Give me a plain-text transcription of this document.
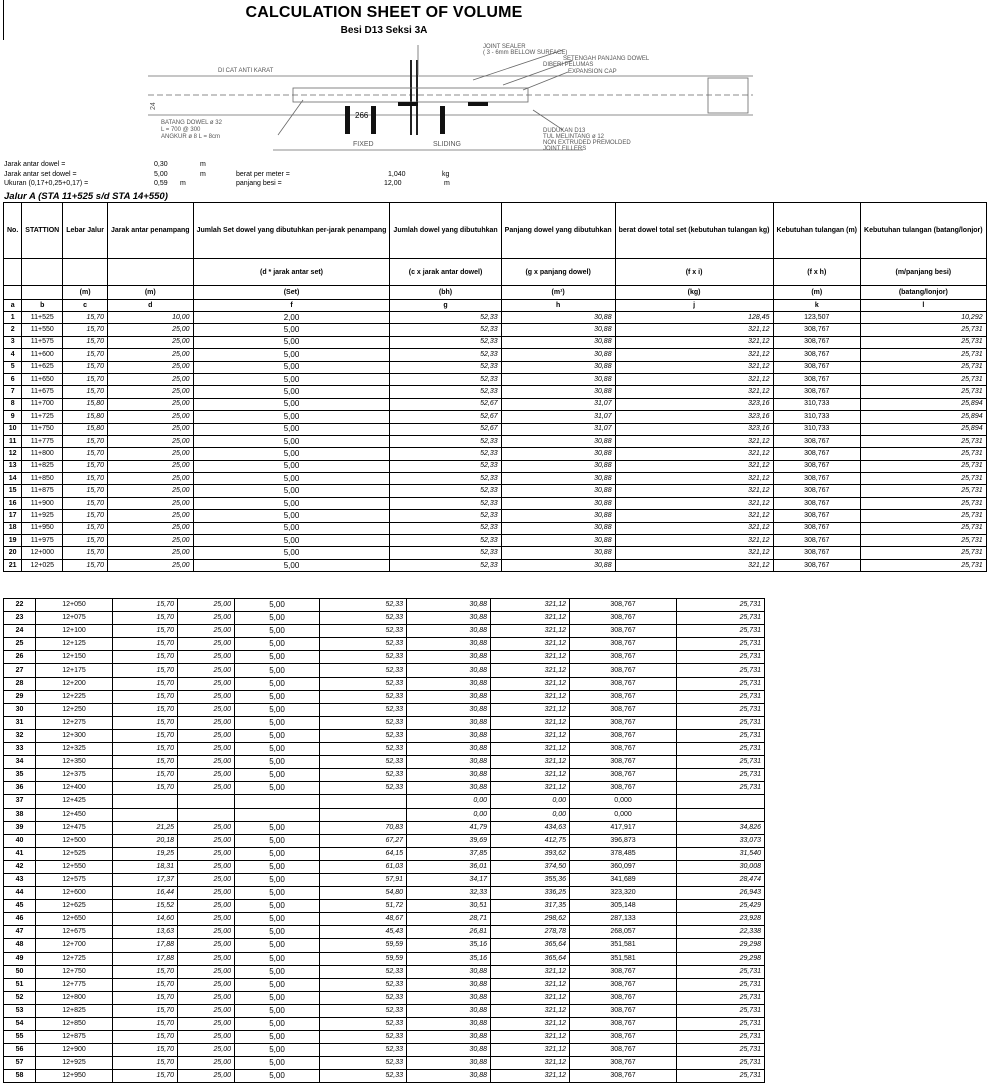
CALCULATION SHEET OF VOLUME
Besi D13 Seksi 3A
DI CAT ANTI KARAT
JOINT SEALER
( 3 - 6mm BELLOW SURFACE)
SETENGAH PANJANG DOWEL
DIBERI PELUMAS
EXPANSION CAP
266
BATANG DOWEL ø 32
L = 700 @ 300
ANGKUR ø 8 L = 8cm
DUDUKAN D13
TUL MELINTANG ø 12
NON EXTRUDED PREMOLDED
JOINT FILLERS
FIXED	SLIDING
24
Jarak antar dowel =	0,30	m
Jarak antar set dowel =	5,00	m	berat per meter =	1,040	kg
Ukuran (0,17+0,25+0,17) =	0,59 m	panjang besi =	12,00	m
Jalur A (STA 11+525 s/d STA 14+550)
No.	STATTION	Lebar Jalur	Jarak antar penampang	Jumlah Set dowel yang dibutuhkan per-jarak penampang	Jumlah dowel yang dibutuhkan	Panjang dowel yang dibutuhkan	berat dowel total set (kebutuhan tulangan kg)	Kebutuhan tulangan (m)	Kebutuhan tulangan (batang/lonjor)
				(d * jarak antar set)	(c x jarak antar dowel)	(g x panjang dowel)	(f x i)	(f x h)	(m/panjang besi)
		(m)	(m)	(Set)	(bh)	(m¹)	(kg)	(m)	(batang/lonjor)
a	b	c	d	f	g	h	j	k	l
1	11+525	15,70	10,00	2,00	52,33	30,88	128,45	123,507	10,292
2	11+550	15,70	25,00	5,00	52,33	30,88	321,12	308,767	25,731
3	11+575	15,70	25,00	5,00	52,33	30,88	321,12	308,767	25,731
4	11+600	15,70	25,00	5,00	52,33	30,88	321,12	308,767	25,731
5	11+625	15,70	25,00	5,00	52,33	30,88	321,12	308,767	25,731
6	11+650	15,70	25,00	5,00	52,33	30,88	321,12	308,767	25,731
7	11+675	15,70	25,00	5,00	52,33	30,88	321,12	308,767	25,731
8	11+700	15,80	25,00	5,00	52,67	31,07	323,16	310,733	25,894
9	11+725	15,80	25,00	5,00	52,67	31,07	323,16	310,733	25,894
10	11+750	15,80	25,00	5,00	52,67	31,07	323,16	310,733	25,894
11	11+775	15,70	25,00	5,00	52,33	30,88	321,12	308,767	25,731
12	11+800	15,70	25,00	5,00	52,33	30,88	321,12	308,767	25,731
13	11+825	15,70	25,00	5,00	52,33	30,88	321,12	308,767	25,731
14	11+850	15,70	25,00	5,00	52,33	30,88	321,12	308,767	25,731
15	11+875	15,70	25,00	5,00	52,33	30,88	321,12	308,767	25,731
16	11+900	15,70	25,00	5,00	52,33	30,88	321,12	308,767	25,731
17	11+925	15,70	25,00	5,00	52,33	30,88	321,12	308,767	25,731
18	11+950	15,70	25,00	5,00	52,33	30,88	321,12	308,767	25,731
19	11+975	15,70	25,00	5,00	52,33	30,88	321,12	308,767	25,731
20	12+000	15,70	25,00	5,00	52,33	30,88	321,12	308,767	25,731
21	12+025	15,70	25,00	5,00	52,33	30,88	321,12	308,767	25,731
22	12+050	15,70	25,00	5,00	52,33	30,88	321,12	308,767	25,731
23	12+075	15,70	25,00	5,00	52,33	30,88	321,12	308,767	25,731
24	12+100	15,70	25,00	5,00	52,33	30,88	321,12	308,767	25,731
25	12+125	15,70	25,00	5,00	52,33	30,88	321,12	308,767	25,731
26	12+150	15,70	25,00	5,00	52,33	30,88	321,12	308,767	25,731
27	12+175	15,70	25,00	5,00	52,33	30,88	321,12	308,767	25,731
28	12+200	15,70	25,00	5,00	52,33	30,88	321,12	308,767	25,731
29	12+225	15,70	25,00	5,00	52,33	30,88	321,12	308,767	25,731
30	12+250	15,70	25,00	5,00	52,33	30,88	321,12	308,767	25,731
31	12+275	15,70	25,00	5,00	52,33	30,88	321,12	308,767	25,731
32	12+300	15,70	25,00	5,00	52,33	30,88	321,12	308,767	25,731
33	12+325	15,70	25,00	5,00	52,33	30,88	321,12	308,767	25,731
34	12+350	15,70	25,00	5,00	52,33	30,88	321,12	308,767	25,731
35	12+375	15,70	25,00	5,00	52,33	30,88	321,12	308,767	25,731
36	12+400	15,70	25,00	5,00	52,33	30,88	321,12	308,767	25,731
37	12+425					0,00	0,00	0,000	
38	12+450					0,00	0,00	0,000	
39	12+475	21,25	25,00	5,00	70,83	41,79	434,63	417,917	34,826
40	12+500	20,18	25,00	5,00	67,27	39,69	412,75	396,873	33,073
41	12+525	19,25	25,00	5,00	64,15	37,85	393,62	378,485	31,540
42	12+550	18,31	25,00	5,00	61,03	36,01	374,50	360,097	30,008
43	12+575	17,37	25,00	5,00	57,91	34,17	355,36	341,689	28,474
44	12+600	16,44	25,00	5,00	54,80	32,33	336,25	323,320	26,943
45	12+625	15,52	25,00	5,00	51,72	30,51	317,35	305,148	25,429
46	12+650	14,60	25,00	5,00	48,67	28,71	298,62	287,133	23,928
47	12+675	13,63	25,00	5,00	45,43	26,81	278,78	268,057	22,338
48	12+700	17,88	25,00	5,00	59,59	35,16	365,64	351,581	29,298
49	12+725	17,88	25,00	5,00	59,59	35,16	365,64	351,581	29,298
50	12+750	15,70	25,00	5,00	52,33	30,88	321,12	308,767	25,731
51	12+775	15,70	25,00	5,00	52,33	30,88	321,12	308,767	25,731
52	12+800	15,70	25,00	5,00	52,33	30,88	321,12	308,767	25,731
53	12+825	15,70	25,00	5,00	52,33	30,88	321,12	308,767	25,731
54	12+850	15,70	25,00	5,00	52,33	30,88	321,12	308,767	25,731
55	12+875	15,70	25,00	5,00	52,33	30,88	321,12	308,767	25,731
56	12+900	15,70	25,00	5,00	52,33	30,88	321,12	308,767	25,731
57	12+925	15,70	25,00	5,00	52,33	30,88	321,12	308,767	25,731
58	12+950	15,70	25,00	5,00	52,33	30,88	321,12	308,767	25,731
